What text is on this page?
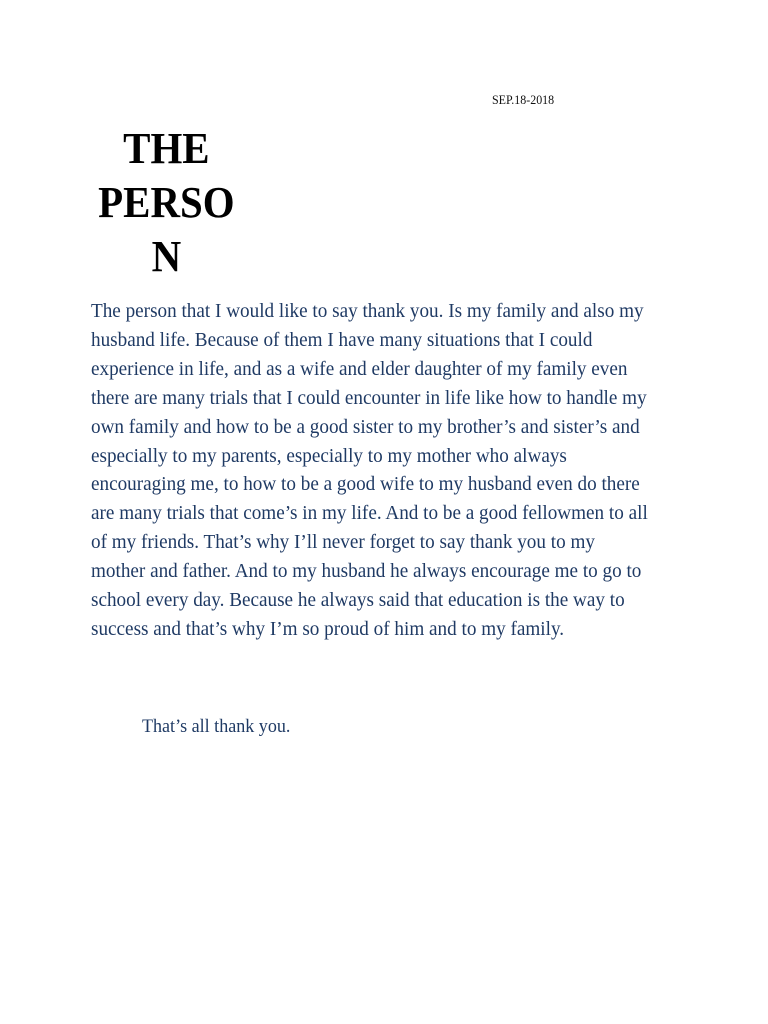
SEP.18-2018
THE
PERSO
N
The person that I would like to say thank you. Is my family and also my husband life. Because of them I have many situations that I could experience in life, and as a wife and elder daughter of my family even there are many trials that I could encounter in life like how to handle my own family and how to be a good sister to my brother’s and sister’s and especially to my parents, especially to my mother who always encouraging me, to how to be a good wife to my husband even do there are many trials that come’s in my life. And to be a good fellowmen to all of my friends. That’s why I’ll never forget to say thank you to my mother and father. And to my husband he always encourage me to go to school every day. Because he always said that education is the way to success and that’s why I’m so proud of him and to my family.
That’s all thank you.
